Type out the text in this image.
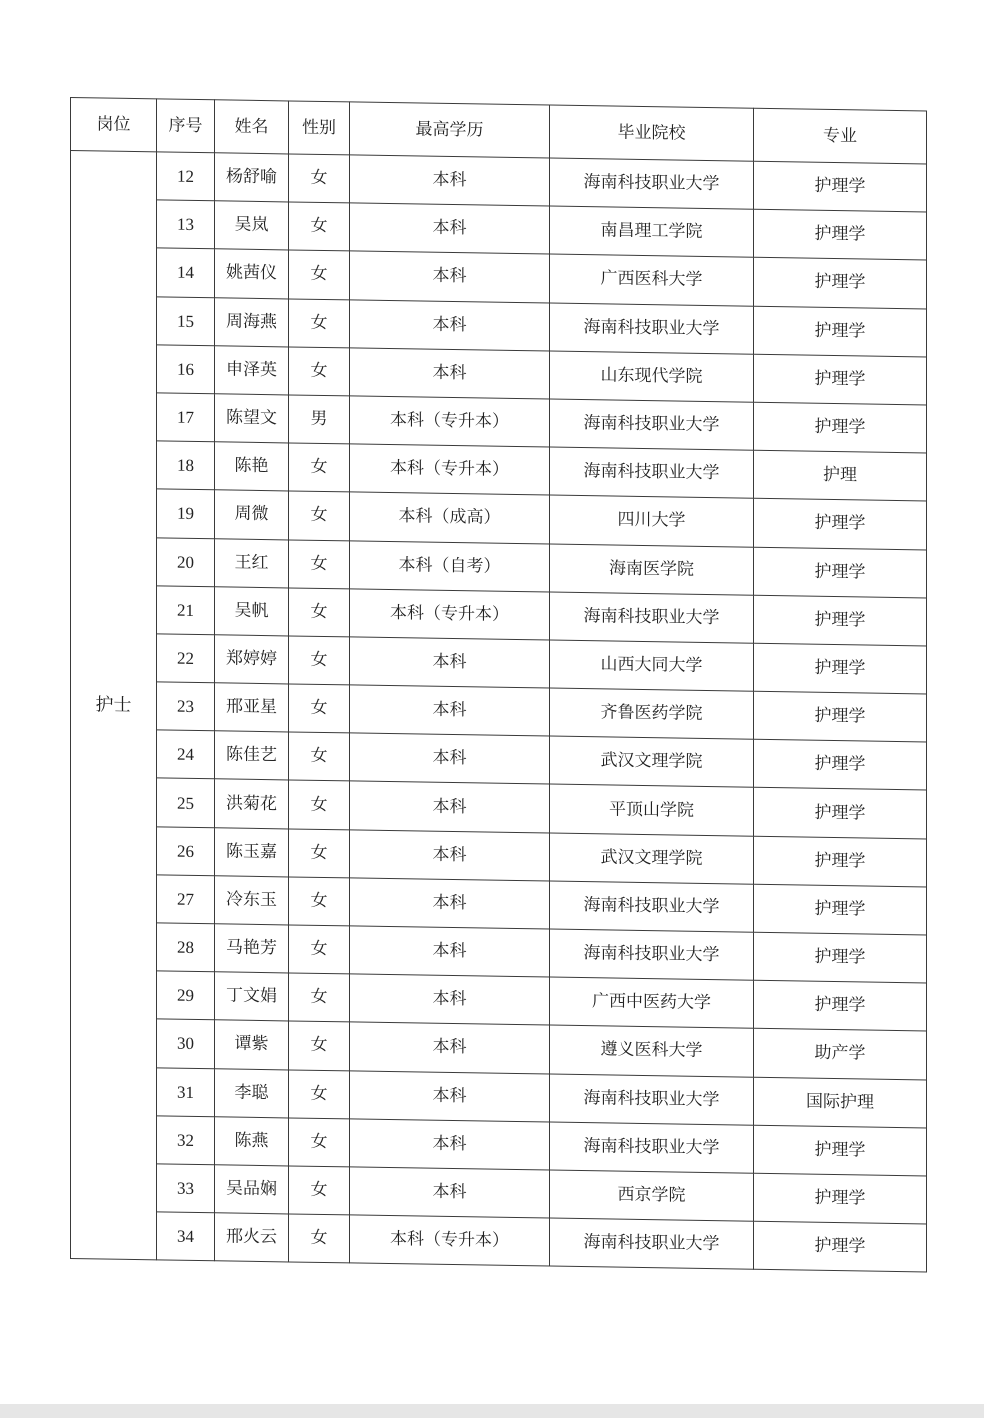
岗位	序号	姓名	性别	最高学历	毕业院校	专业
护士	12	杨舒喻	女	本科	海南科技职业大学	护理学
	13	吴岚	女	本科	南昌理工学院	护理学
	14	姚茜仪	女	本科	广西医科大学	护理学
	15	周海燕	女	本科	海南科技职业大学	护理学
	16	申泽英	女	本科	山东现代学院	护理学
	17	陈望文	男	本科（专升本）	海南科技职业大学	护理学
	18	陈艳	女	本科（专升本）	海南科技职业大学	护理
	19	周微	女	本科（成高）	四川大学	护理学
	20	王红	女	本科（自考）	海南医学院	护理学
	21	吴帆	女	本科（专升本）	海南科技职业大学	护理学
	22	郑婷婷	女	本科	山西大同大学	护理学
	23	邢亚星	女	本科	齐鲁医药学院	护理学
	24	陈佳艺	女	本科	武汉文理学院	护理学
	25	洪菊花	女	本科	平顶山学院	护理学
	26	陈玉嘉	女	本科	武汉文理学院	护理学
	27	冷东玉	女	本科	海南科技职业大学	护理学
	28	马艳芳	女	本科	海南科技职业大学	护理学
	29	丁文娟	女	本科	广西中医药大学	护理学
	30	谭紫	女	本科	遵义医科大学	助产学
	31	李聪	女	本科	海南科技职业大学	国际护理
	32	陈燕	女	本科	海南科技职业大学	护理学
	33	吴品娴	女	本科	西京学院	护理学
	34	邢火云	女	本科（专升本）	海南科技职业大学	护理学
